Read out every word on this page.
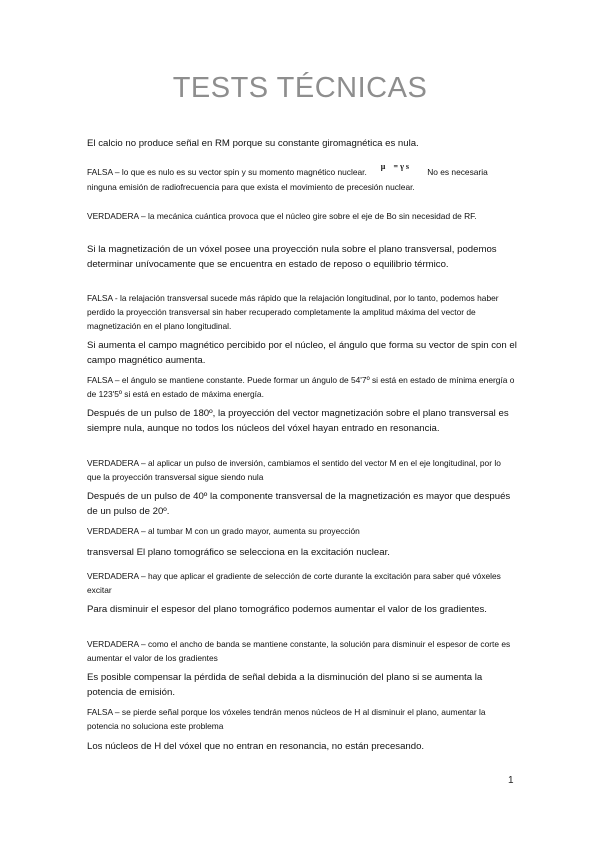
TESTS TÉCNICAS

El calcio no produce señal en RM porque su constante giromagnética es nula.

FALSA – lo que es nulo es su vector spin y su momento magnético nuclear.μ⃗ = γ s⃗No es necesaria ninguna emisión de radiofrecuencia para que exista el movimiento de precesión nuclear.

VERDADERA – la mecánica cuántica provoca que el núcleo gire sobre el eje de Bo sin necesidad de RF.

Si la magnetización de un vóxel posee una proyección nula sobre el plano transversal, podemos determinar unívocamente que se encuentra en estado de reposo o equilibrio térmico.

FALSA - la relajación transversal sucede más rápido que la relajación longitudinal, por lo tanto, podemos haber perdido la proyección transversal sin haber recuperado completamente la amplitud máxima del vector de magnetización en el plano longitudinal.

Si aumenta el campo magnético percibido por el núcleo, el ángulo que forma su vector de spin con el campo magnético aumenta.

FALSA – el ángulo se mantiene constante. Puede formar un ángulo de 54'7º si está en estado de mínima energía o de 123'5º si está en estado de máxima energía.

Después de un pulso de 180º, la proyección del vector magnetización sobre el plano transversal es siempre nula, aunque no todos los núcleos del vóxel hayan entrado en resonancia.

VERDADERA – al aplicar un pulso de inversión, cambiamos el sentido del vector M en el eje longitudinal, por lo que la proyección transversal sigue siendo nula

Después de un pulso de 40º la componente transversal de la magnetización es mayor que después de un pulso de 20º.

VERDADERA – al tumbar M con un grado mayor, aumenta su proyección

transversal El plano tomográfico se selecciona en la excitación nuclear.

VERDADERA – hay que aplicar el gradiente de selección de corte durante la excitación para saber qué vóxeles excitar

Para disminuir el espesor del plano tomográfico podemos aumentar el valor de los gradientes.

VERDADERA – como el ancho de banda se mantiene constante, la solución para disminuir el espesor de corte es aumentar el valor de los gradientes

Es posible compensar la pérdida de señal debida a la disminución del plano si se aumenta la potencia de emisión.

FALSA – se pierde señal porque los vóxeles tendrán menos núcleos de H al disminuir el plano, aumentar la potencia no soluciona este problema

Los núcleos de H del vóxel que no entran en resonancia, no están precesando.

1
